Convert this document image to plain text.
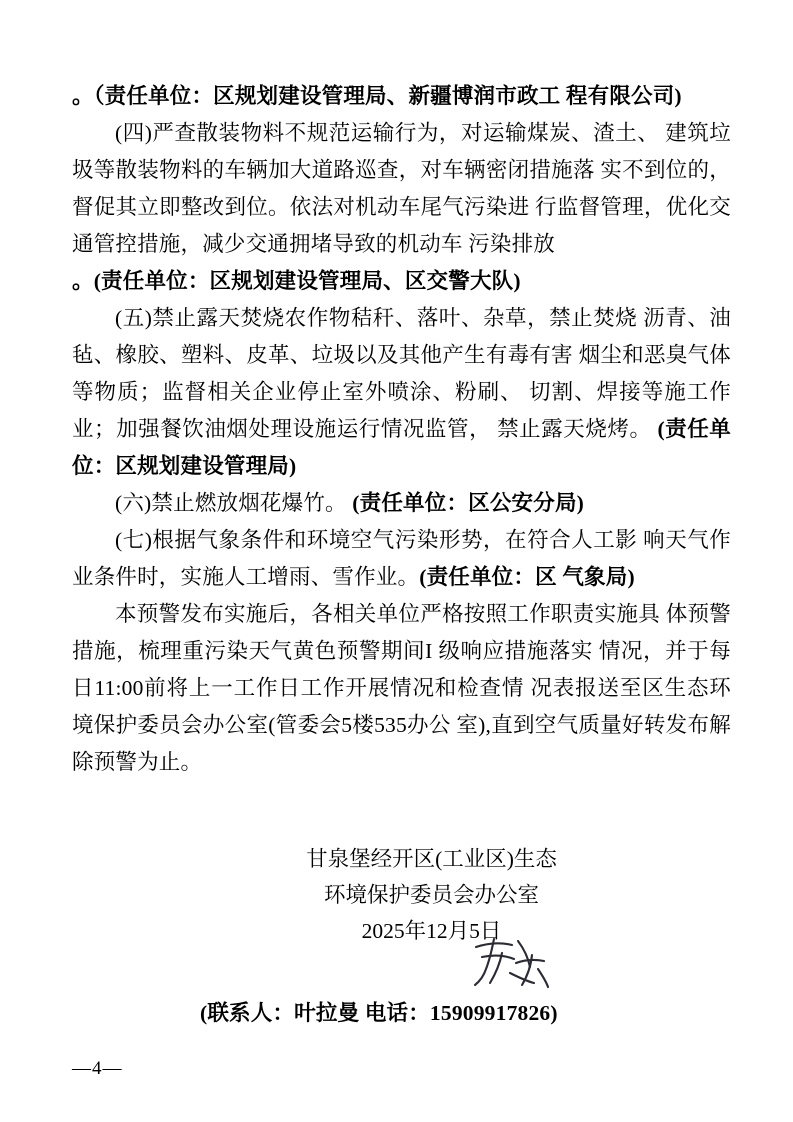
。（责任单位：区规划建设管理局、新疆博润市政工 程有限公司)

(四)严查散装物料不规范运输行为，对运输煤炭、渣土、 建筑垃圾等散装物料的车辆加大道路巡查，对车辆密闭措施落 实不到位的，督促其立即整改到位。依法对机动车尾气污染进 行监督管理，优化交通管控措施，减少交通拥堵导致的机动车 污染排放

。(责任单位：区规划建设管理局、区交警大队)

(五)禁止露天焚烧农作物秸秆、落叶、杂草，禁止焚烧 沥青、油毡、橡胶、塑料、皮革、垃圾以及其他产生有毒有害 烟尘和恶臭气体等物质；监督相关企业停止室外喷涂、粉刷、 切割、焊接等施工作业；加强餐饮油烟处理设施运行情况监管， 禁止露天烧烤。 (责任单位：区规划建设管理局)

(六)禁止燃放烟花爆竹。 (责任单位：区公安分局)

(七)根据气象条件和环境空气污染形势，在符合人工影 响天气作业条件时，实施人工增雨、雪作业。(责任单位：区 气象局)

本预警发布实施后，各相关单位严格按照工作职责实施具 体预警措施，梳理重污染天气黄色预警期间I 级响应措施落实 情况，并于每日11:00前将上一工作日工作开展情况和检查情 况表报送至区生态环境保护委员会办公室(管委会5楼535办公 室),直到空气质量好转发布解除预警为止。

甘泉堡经开区(工业区)生态
环境保护委员会办公室
2025年12月5日

(联系人：叶拉曼 电话：15909917826)

—4—
